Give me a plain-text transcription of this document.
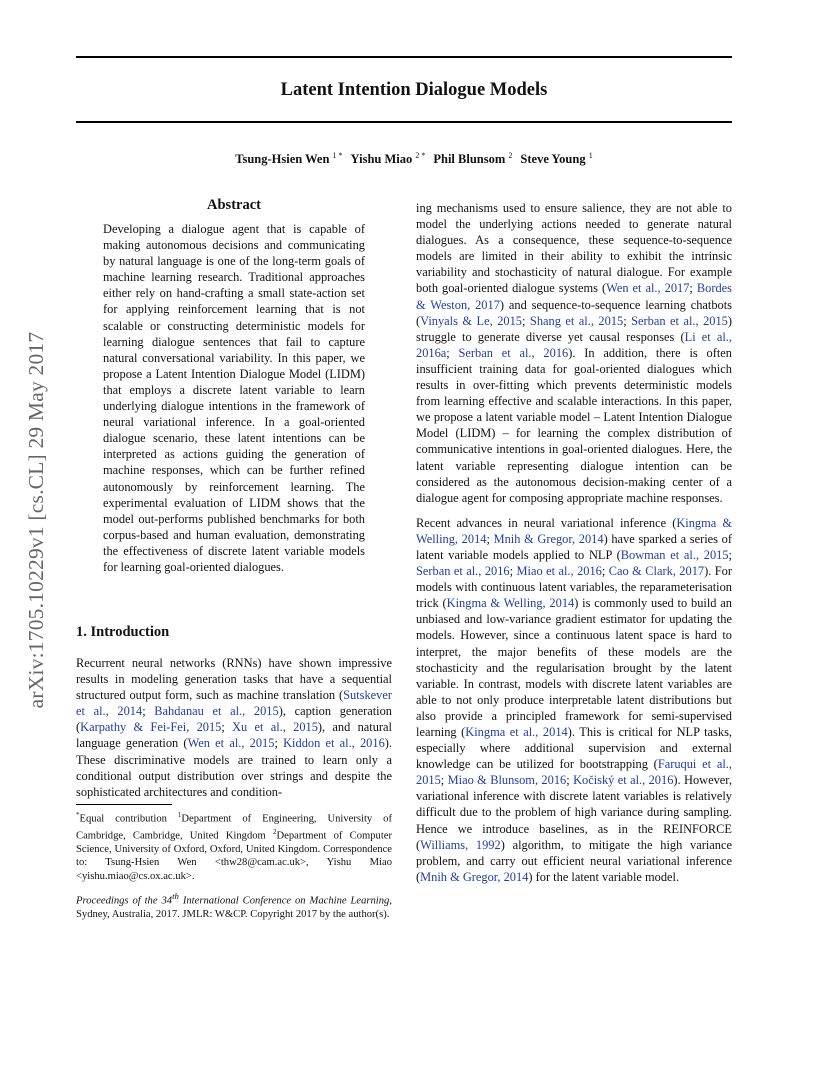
arXiv:1705.10229v1 [cs.CL] 29 May 2017
Latent Intention Dialogue Models
Tsung-Hsien Wen $^{1 *}$ Yishu Miao $^{2 *}$ Phil Blunsom $^2$ Steve Young $^1$
Abstract
Developing a dialogue agent that is capable of making autonomous decisions and communicating by natural language is one of the long-term goals of machine learning research. Traditional approaches either rely on hand-crafting a small state-action set for applying reinforcement learning that is not scalable or constructing deterministic models for learning dialogue sentences that fail to capture natural conversational variability. In this paper, we propose a Latent Intention Dialogue Model (LIDM) that employs a discrete latent variable to learn underlying dialogue intentions in the framework of neural variational inference. In a goal-oriented dialogue scenario, these latent intentions can be interpreted as actions guiding the generation of machine responses, which can be further refined autonomously by reinforcement learning. The experimental evaluation of LIDM shows that the model out-performs published benchmarks for both corpus-based and human evaluation, demonstrating the effectiveness of discrete latent variable models for learning goal-oriented dialogues.
1. Introduction

Recurrent neural networks (RNNs) have shown impressive results in modeling generation tasks that have a sequential structured output form, such as machine translation (Sutskever et al., 2014; Bahdanau et al., 2015), caption generation (Karpathy & Fei-Fei, 2015; Xu et al., 2015), and natural language generation (Wen et al., 2015; Kiddon et al., 2016). These discriminative models are trained to learn only a conditional output distribution over strings and despite the sophisticated architectures and condition-

*Equal contribution $^1$Department of Engineering, University of Cambridge, Cambridge, United Kingdom $^2$Department of Computer Science, University of Oxford, Oxford, United Kingdom. Correspondence to: Tsung-Hsien Wen <thw28@cam.ac.uk>, Yishu Miao <yishu.miao@cs.ox.ac.uk>.

Proceedings of the 34th International Conference on Machine Learning, Sydney, Australia, 2017. JMLR: W&CP. Copyright 2017 by the author(s).

ing mechanisms used to ensure salience, they are not able to model the underlying actions needed to generate natural dialogues. As a consequence, these sequence-to-sequence models are limited in their ability to exhibit the intrinsic variability and stochasticity of natural dialogue. For example both goal-oriented dialogue systems (Wen et al., 2017; Bordes & Weston, 2017) and sequence-to-sequence learning chatbots (Vinyals & Le, 2015; Shang et al., 2015; Serban et al., 2015) struggle to generate diverse yet causal responses (Li et al., 2016a; Serban et al., 2016). In addition, there is often insufficient training data for goal-oriented dialogues which results in over-fitting which prevents deterministic models from learning effective and scalable interactions. In this paper, we propose a latent variable model – Latent Intention Dialogue Model (LIDM) – for learning the complex distribution of communicative intentions in goal-oriented dialogues. Here, the latent variable representing dialogue intention can be considered as the autonomous decision-making center of a dialogue agent for composing appropriate machine responses.

Recent advances in neural variational inference (Kingma & Welling, 2014; Mnih & Gregor, 2014) have sparked a series of latent variable models applied to NLP (Bowman et al., 2015; Serban et al., 2016; Miao et al., 2016; Cao & Clark, 2017). For models with continuous latent variables, the reparameterisation trick (Kingma & Welling, 2014) is commonly used to build an unbiased and low-variance gradient estimator for updating the models. However, since a continuous latent space is hard to interpret, the major benefits of these models are the stochasticity and the regularisation brought by the latent variable. In contrast, models with discrete latent variables are able to not only produce interpretable latent distributions but also provide a principled framework for semi-supervised learning (Kingma et al., 2014). This is critical for NLP tasks, especially where additional supervision and external knowledge can be utilized for bootstrapping (Faruqui et al., 2015; Miao & Blunsom, 2016; Kočiský et al., 2016). However, variational inference with discrete latent variables is relatively difficult due to the problem of high variance during sampling. Hence we introduce baselines, as in the REINFORCE (Williams, 1992) algorithm, to mitigate the high variance problem, and carry out efficient neural variational inference (Mnih & Gregor, 2014) for the latent variable model.
